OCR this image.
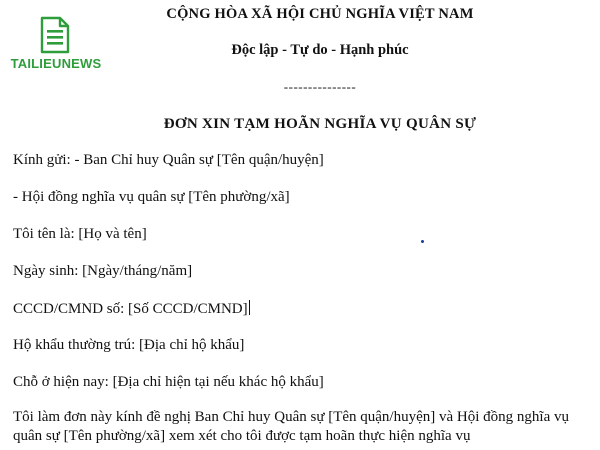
TAILIEUNEWS
CỘNG HÒA XÃ HỘI CHỦ NGHĨA VIỆT NAM
Độc lập - Tự do - Hạnh phúc
---------------
ĐƠN XIN TẠM HOÃN NGHĨA VỤ QUÂN SỰ
Kính gửi: - Ban Chỉ huy Quân sự [Tên quận/huyện]
- Hội đồng nghĩa vụ quân sự [Tên phường/xã]
Tôi tên là: [Họ và tên]
Ngày sinh: [Ngày/tháng/năm]
CCCD/CMND số: [Số CCCD/CMND]
Hộ khẩu thường trú: [Địa chỉ hộ khẩu]
Chỗ ở hiện nay: [Địa chỉ hiện tại nếu khác hộ khẩu]
Tôi làm đơn này kính đề nghị Ban Chỉ huy Quân sự [Tên quận/huyện] và Hội đồng nghĩa vụ quân sự [Tên phường/xã] xem xét cho tôi được tạm hoãn thực hiện nghĩa vụ
